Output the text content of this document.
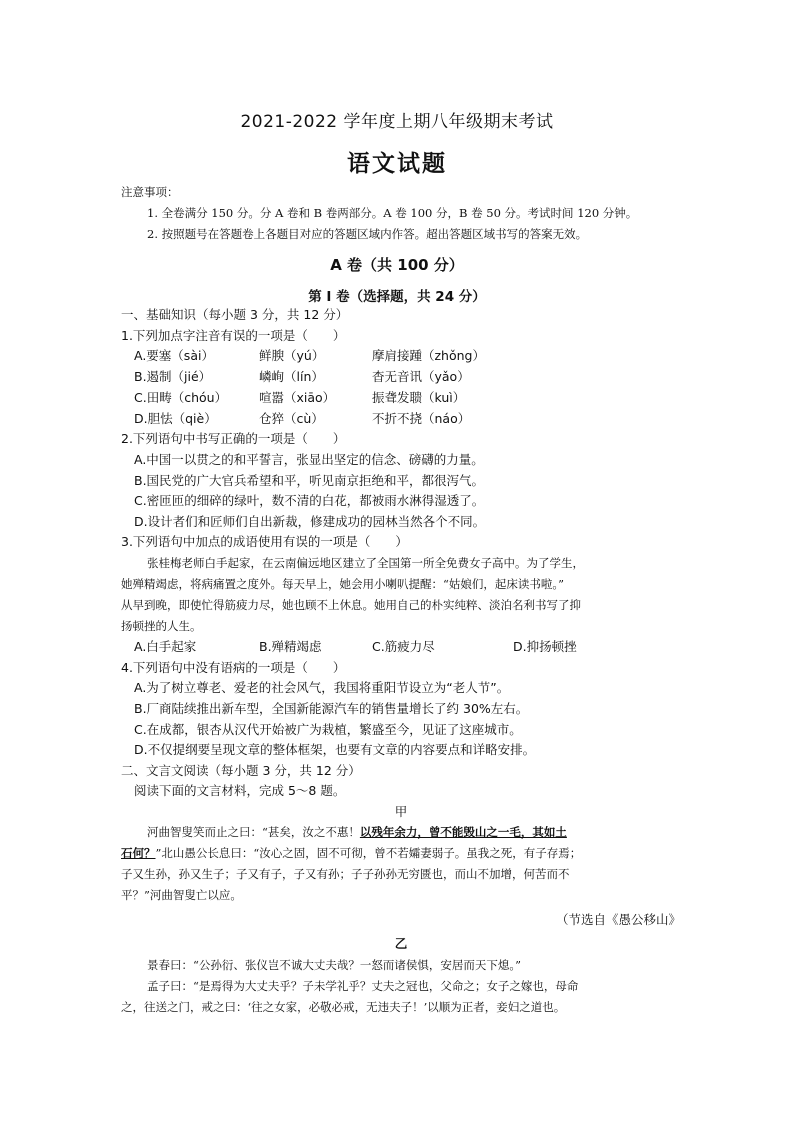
2021-2022 学年度上期八年级期末考试
语文试题
注意事项：
1. 全卷满分 150 分。分 A 卷和 B 卷两部分。A 卷 100 分，B 卷 50 分。考试时间 120 分钟。
2. 按照题号在答题卷上各题目对应的答题区域内作答。超出答题区域书写的答案无效。
A 卷（共 100 分）
第 I 卷（选择题，共 24 分）
一、基础知识（每小题 3 分，共 12 分）
1.下列加点字注音有误的一项是（　　）
A.要塞（sài）	鲜腴（yú）	摩肩接踵（zhǒng）
B.遏制（jié）	嶙峋（lín）	杳无音讯（yǎo）
C.田畴（chóu）	喧嚣（xiāo）	振聋发聩（kuì）
D.胆怯（qiè）	仓猝（cù）	不折不挠（náo）
2.下列语句中书写正确的一项是（　　）
A.中国一以贯之的和平誓言，张显出坚定的信念、磅礴的力量。
B.国民党的广大官兵希望和平，听见南京拒绝和平，都很泻气。
C.密匝匝的细碎的绿叶，数不清的白花，都被雨水淋得湿透了。
D.设计者们和匠师们自出新裁，修建成功的园林当然各个不同。
3.下列语句中加点的成语使用有误的一项是（　　）
张桂梅老师白手起家，在云南偏远地区建立了全国第一所全免费女子高中。为了学生，
她殚精竭虑，将病痛置之度外。每天早上，她会用小喇叭提醒：“姑娘们，起床读书啦。”
从早到晚，即使忙得筋疲力尽，她也顾不上休息。她用自己的朴实纯粹、淡泊名利书写了抑
扬顿挫的人生。
A.白手起家	B.殚精竭虑	C.筋疲力尽	D.抑扬顿挫
4.下列语句中没有语病的一项是（　　）
A.为了树立尊老、爱老的社会风气，我国将重阳节设立为“老人节”。
B.厂商陆续推出新车型，全国新能源汽车的销售量增长了约 30%左右。
C.在成都，银杏从汉代开始被广为栽植，繁盛至今，见证了这座城市。
D.不仅提纲要呈现文章的整体框架，也要有文章的内容要点和详略安排。
二、文言文阅读（每小题 3 分，共 12 分）
阅读下面的文言材料，完成 5～8 题。
甲
河曲智叟笑而止之曰：“甚矣，汝之不惠！以残年余力，曾不能毁山之一毛，其如土
石何？”北山愚公长息曰：“汝心之固，固不可彻，曾不若孀妻弱子。虽我之死，有子存焉；
子又生孙，孙又生子；子又有子，子又有孙；子子孙孙无穷匮也，而山不加增，何苦而不
平？”河曲智叟亡以应。
（节选自《愚公移山》
乙
景春曰：“公孙衍、张仪岂不诚大丈夫哉？一怒而诸侯惧，安居而天下熄。”
孟子曰：“是焉得为大丈夫乎？子未学礼乎？丈夫之冠也，父命之；女子之嫁也，母命
之，往送之门，戒之曰：‘往之女家，必敬必戒，无违夫子！’以顺为正者，妾妇之道也。
